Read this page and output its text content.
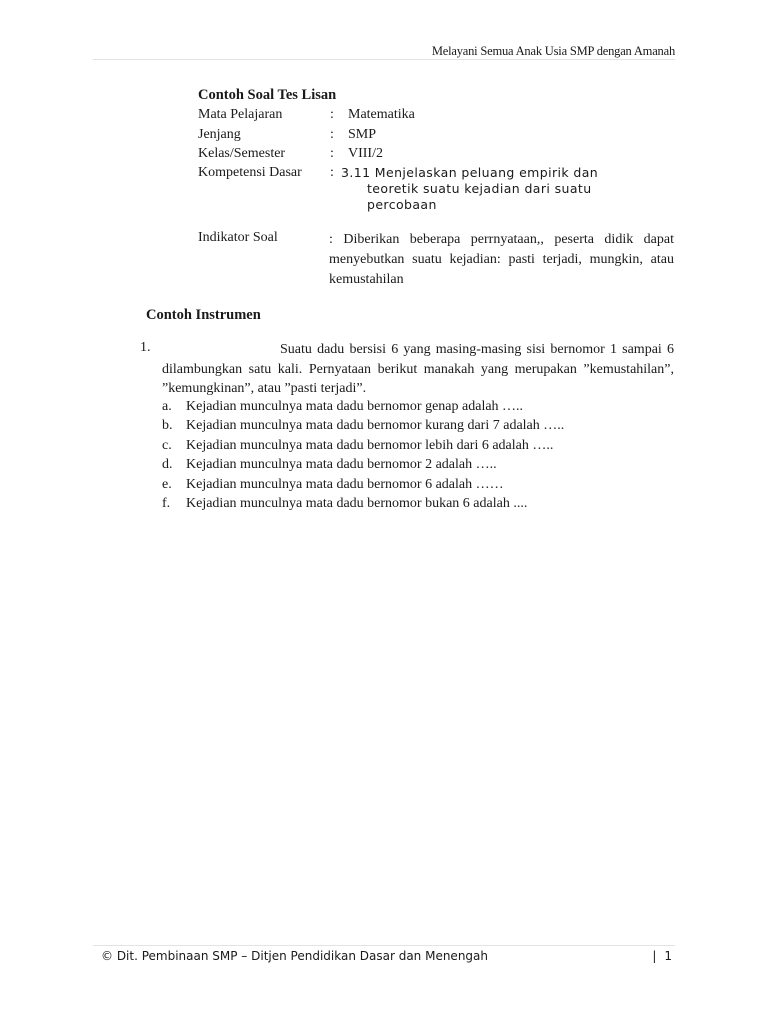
Melayani Semua Anak Usia SMP dengan Amanah
Contoh Soal Tes Lisan
Mata Pelajaran	: Matematika
Jenjang	: SMP
Kelas/Semester	: VIII/2
Kompetensi Dasar : 3.11 Menjelaskan peluang empirik dan
teoretik suatu kejadian dari suatu
percobaan
Indikator Soal	: Diberikan beberapa perrnyataan,, peserta didik dapat menyebutkan suatu kejadian: pasti terjadi, mungkin, atau kemustahilan
Contoh Instrumen
1.	Suatu dadu bersisi 6 yang masing-masing sisi bernomor 1 sampai 6 dilambungkan satu kali. Pernyataan berikut manakah yang merupakan ”kemustahilan”, ”kemungkinan”, atau ”pasti terjadi”.
a. Kejadian munculnya mata dadu bernomor genap adalah …..
b. Kejadian munculnya mata dadu bernomor kurang dari 7 adalah …..
c. Kejadian munculnya mata dadu bernomor lebih dari 6 adalah …..
d. Kejadian munculnya mata dadu bernomor 2 adalah …..
e. Kejadian munculnya mata dadu bernomor 6 adalah ……
f. Kejadian munculnya mata dadu bernomor bukan 6 adalah ....
© Dit. Pembinaan SMP – Ditjen Pendidikan Dasar dan Menengah	| 1
